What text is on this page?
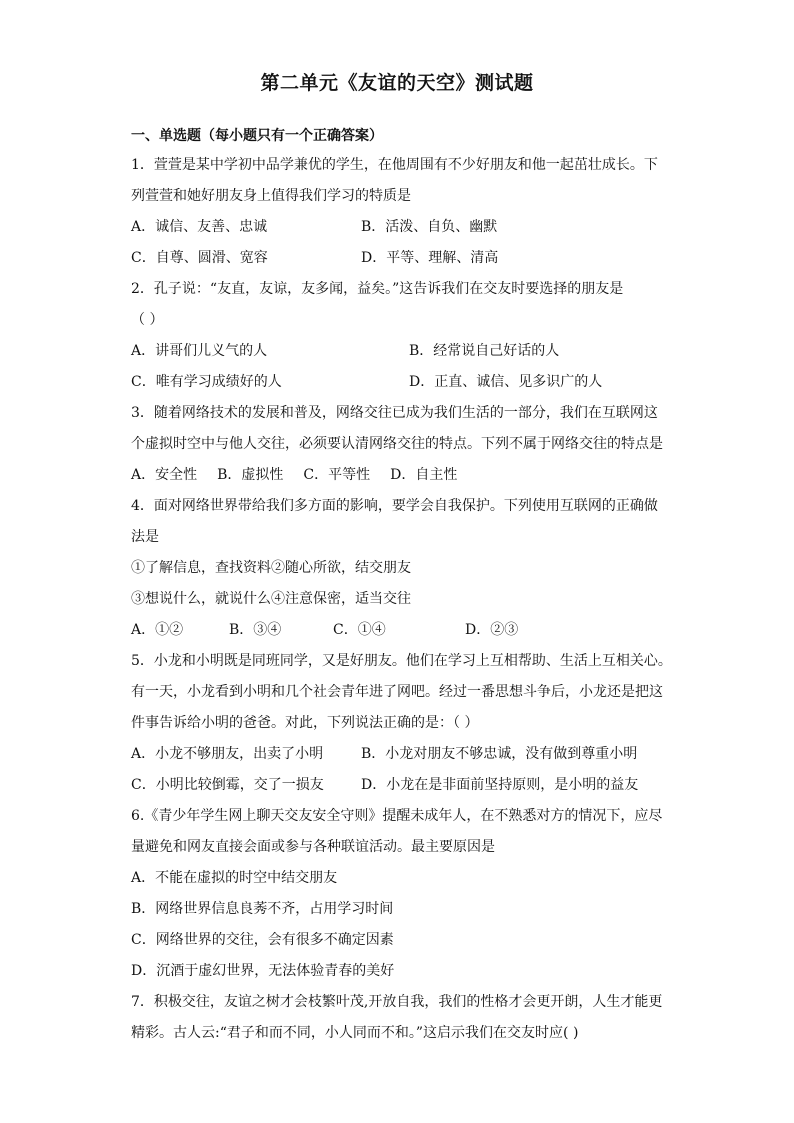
第二单元《友谊的天空》测试题
一、单选题（每小题只有一个正确答案）
1．萱萱是某中学初中品学兼优的学生，在他周围有不少好朋友和他一起茁壮成长。下
列萱萱和她好朋友身上值得我们学习的特质是
A．诚信、友善、忠诚	B．活泼、自负、幽默
C．自尊、圆滑、宽容	D．平等、理解、清高
2．孔子说：“友直，友谅，友多闻，益矣。”这告诉我们在交友时要选择的朋友是
（ ）
A．讲哥们儿义气的人	B．经常说自己好话的人
C．唯有学习成绩好的人	D．正直、诚信、见多识广的人
3．随着网络技术的发展和普及，网络交往已成为我们生活的一部分，我们在互联网这
个虚拟时空中与他人交往，必须要认清网络交往的特点。下列不属于网络交往的特点是
A．安全性 B．虚拟性 C．平等性 D．自主性
4．面对网络世界带给我们多方面的影响，要学会自我保护。下列使用互联网的正确做
法是
①了解信息，查找资料②随心所欲，结交朋友
③想说什么，就说什么④注意保密，适当交往
A．①②	B．③④	C．①④	D．②③
5．小龙和小明既是同班同学，又是好朋友。他们在学习上互相帮助、生活上互相关心。
有一天，小龙看到小明和几个社会青年进了网吧。经过一番思想斗争后，小龙还是把这
件事告诉给小明的爸爸。对此，下列说法正确的是：（ ）
A．小龙不够朋友，出卖了小明	B．小龙对朋友不够忠诚，没有做到尊重小明
C．小明比较倒霉，交了一损友	D．小龙在是非面前坚持原则，是小明的益友
6.《青少年学生网上聊天交友安全守则》提醒未成年人，在不熟悉对方的情况下，应尽
量避免和网友直接会面或参与各种联谊活动。最主要原因是
A．不能在虚拟的时空中结交朋友
B．网络世界信息良莠不齐，占用学习时间
C．网络世界的交往，会有很多不确定因素
D．沉酒于虚幻世界，无法体验青春的美好
7．积极交往，友谊之树才会枝繁叶茂,开放自我，我们的性格才会更开朗，人生才能更
精彩。古人云:“君子和而不同，小人同而不和。”这启示我们在交友时应( )
